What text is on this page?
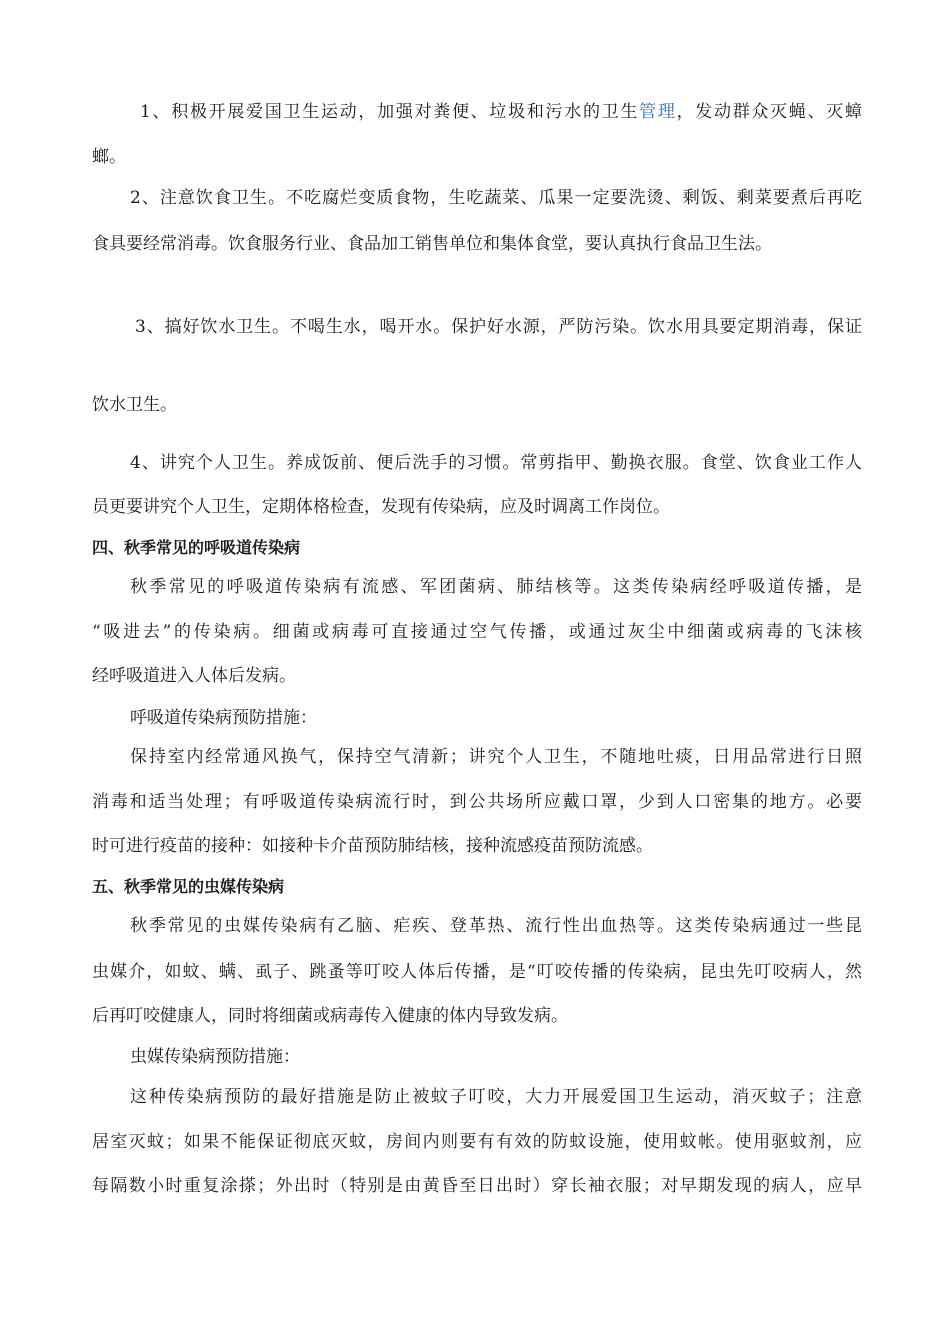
1、积极开展爱国卫生运动，加强对粪便、垃圾和污水的卫生管理，发动群众灭蝇、灭蟑
螂。
2、注意饮食卫生。不吃腐烂变质食物，生吃蔬菜、瓜果一定要洗烫、剩饭、剩菜要煮后再吃
食具要经常消毒。饮食服务行业、食品加工销售单位和集体食堂，要认真执行食品卫生法。
3、搞好饮水卫生。不喝生水，喝开水。保护好水源，严防污染。饮水用具要定期消毒，保证
饮水卫生。
4、讲究个人卫生。养成饭前、便后洗手的习惯。常剪指甲、勤换衣服。食堂、饮食业工作人
员更要讲究个人卫生，定期体格检查，发现有传染病，应及时调离工作岗位。
四、秋季常见的呼吸道传染病
秋季常见的呼吸道传染病有流感、军团菌病、肺结核等。这类传染病经呼吸道传播，是
“吸进去”的传染病。细菌或病毒可直接通过空气传播，或通过灰尘中细菌或病毒的飞沫核
经呼吸道进入人体后发病。
呼吸道传染病预防措施：
保持室内经常通风换气，保持空气清新；讲究个人卫生，不随地吐痰，日用品常进行日照
消毒和适当处理；有呼吸道传染病流行时，到公共场所应戴口罩，少到人口密集的地方。必要
时可进行疫苗的接种：如接种卡介苗预防肺结核，接种流感疫苗预防流感。
五、秋季常见的虫媒传染病
秋季常见的虫媒传染病有乙脑、疟疾、登革热、流行性出血热等。这类传染病通过一些昆
虫媒介，如蚊、螨、虱子、跳蚤等叮咬人体后传播，是“叮咬传播的传染病，昆虫先叮咬病人，然
后再叮咬健康人，同时将细菌或病毒传入健康的体内导致发病。
虫媒传染病预防措施：
这种传染病预防的最好措施是防止被蚊子叮咬，大力开展爱国卫生运动，消灭蚊子；注意
居室灭蚊；如果不能保证彻底灭蚊，房间内则要有有效的防蚊设施，使用蚊帐。使用驱蚊剂，应
每隔数小时重复涂搽；外出时（特别是由黄昏至日出时）穿长袖衣服；对早期发现的病人，应早
